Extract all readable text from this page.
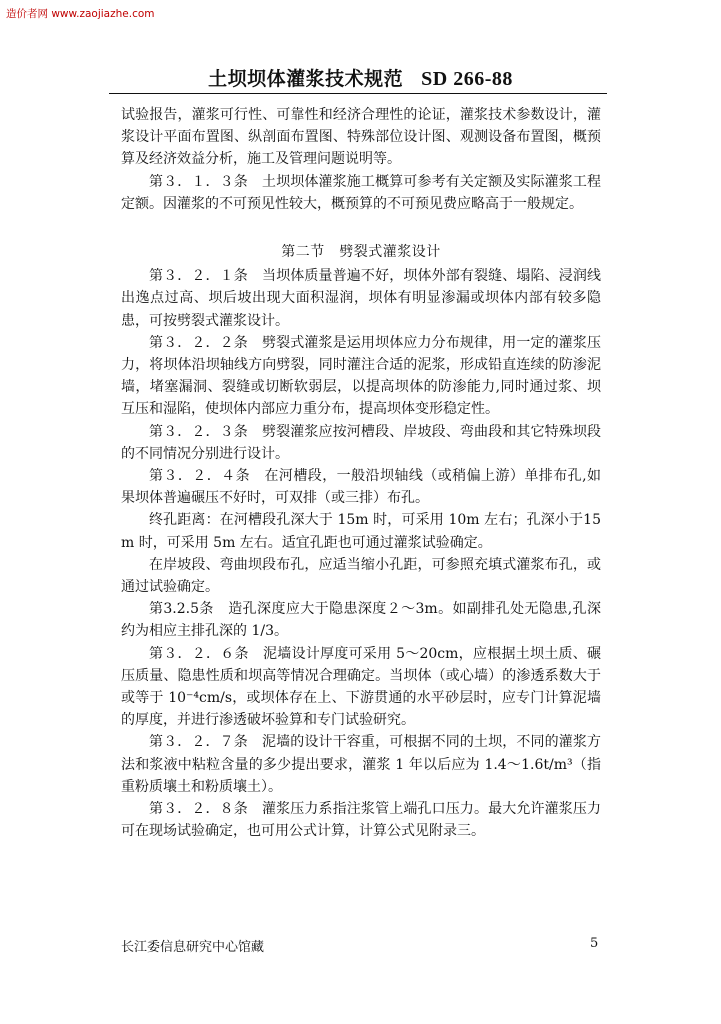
造价者网 www.zaojiazhe.com
土坝坝体灌浆技术规范 SD 266-88

试验报告，灌浆可行性、可靠性和经济合理性的论证，灌浆技术参数设计，灌浆设计平面布置图、纵剖面布置图、特殊部位设计图、观测设备布置图，概预算及经济效益分析，施工及管理问题说明等。

第３．１．３条　土坝坝体灌浆施工概算可参考有关定额及实际灌浆工程定额。因灌浆的不可预见性较大，概预算的不可预见费应略高于一般规定。

第二节　劈裂式灌浆设计

第３．２．１条　当坝体质量普遍不好，坝体外部有裂缝、塌陷、浸润线出逸点过高、坝后坡出现大面积湿润，坝体有明显渗漏或坝体内部有较多隐患，可按劈裂式灌浆设计。

第３．２．２条　劈裂式灌浆是运用坝体应力分布规律，用一定的灌浆压力，将坝体沿坝轴线方向劈裂，同时灌注合适的泥浆，形成铅直连续的防渗泥墙，堵塞漏洞、裂缝或切断软弱层，以提高坝体的防渗能力,同时通过浆、坝互压和湿陷，使坝体内部应力重分布，提高坝体变形稳定性。

第３．２．３条　劈裂灌浆应按河槽段、岸坡段、弯曲段和其它特殊坝段的不同情况分别进行设计。

第３．２．４条　在河槽段，一般沿坝轴线（或稍偏上游）单排布孔,如果坝体普遍碾压不好时，可双排（或三排）布孔。

终孔距离：在河槽段孔深大于 15m 时，可采用 10m 左右；孔深小于15m 时，可采用 5m 左右。适宜孔距也可通过灌浆试验确定。

在岸坡段、弯曲坝段布孔，应适当缩小孔距，可参照充填式灌浆布孔，或通过试验确定。

第3.2.5条　造孔深度应大于隐患深度２～3m。如副排孔处无隐患,孔深约为相应主排孔深的 1/3。

第３．２．６条　泥墙设计厚度可采用 5～20cm，应根据土坝土质、碾压质量、隐患性质和坝高等情况合理确定。当坝体（或心墙）的渗透系数大于或等于 10⁻⁴cm/s，或坝体存在上、下游贯通的水平砂层时，应专门计算泥墙的厚度，并进行渗透破坏验算和专门试验研究。

第３．２．７条　泥墙的设计干容重，可根据不同的土坝，不同的灌浆方法和浆液中粘粒含量的多少提出要求，灌浆 1 年以后应为 1.4～1.6t/m³（指重粉质壤土和粉质壤土）。

第３．２．８条　灌浆压力系指注浆管上端孔口压力。最大允许灌浆压力可在现场试验确定，也可用公式计算，计算公式见附录三。

长江委信息研究中心馆藏	5
